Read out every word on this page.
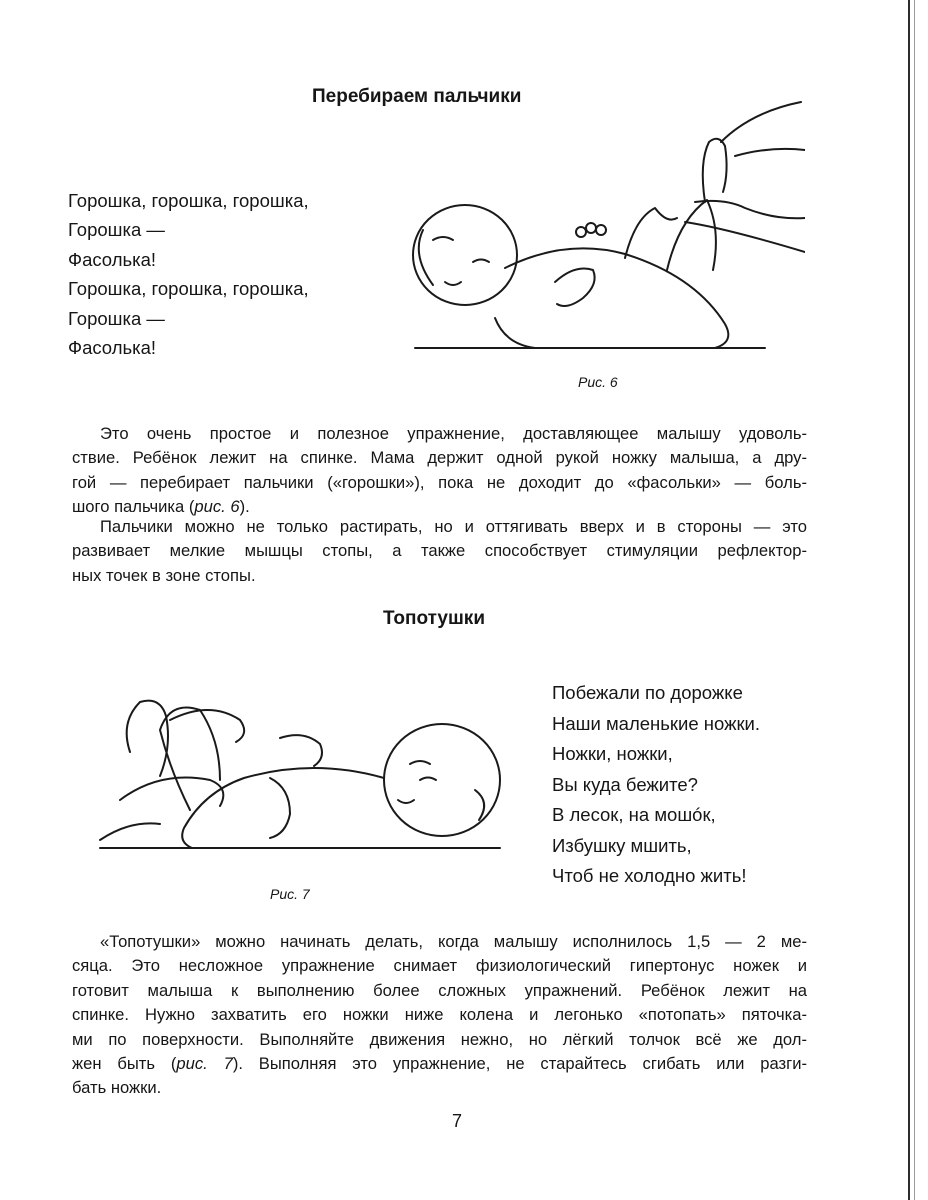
Перебираем пальчики
Горошка, горошка, горошка,
Горошка —
Фасолька!
Горошка, горошка, горошка,
Горошка —
Фасолька!
Рис. 6
Это очень простое и полезное упражнение, доставляющее малышу удоволь-
ствие. Ребёнок лежит на спинке. Мама держит одной рукой ножку малыша, а дру-
гой — перебирает пальчики («горошки»), пока не доходит до «фасольки» — боль-
шого пальчика (рис. 6).
Пальчики можно не только растирать, но и оттягивать вверх и в стороны — это
развивает мелкие мышцы стопы, а также способствует стимуляции рефлектор-
ных точек в зоне стопы.
Топотушки
Рис. 7
Побежали по дорожке
Наши маленькие ножки.
Ножки, ножки,
Вы куда бежите?
В лесок, на мошóк,
Избушку мшить,
Чтоб не холодно жить!
«Топотушки» можно начинать делать, когда малышу исполнилось 1,5 — 2 ме-
сяца. Это несложное упражнение снимает физиологический гипертонус ножек и
готовит малыша к выполнению более сложных упражнений. Ребёнок лежит на
спинке. Нужно захватить его ножки ниже колена и легонько «потопать» пяточка-
ми по поверхности. Выполняйте движения нежно, но лёгкий толчок всё же дол-
жен быть (рис. 7). Выполняя это упражнение, не старайтесь сгибать или разги-
бать ножки.
7
